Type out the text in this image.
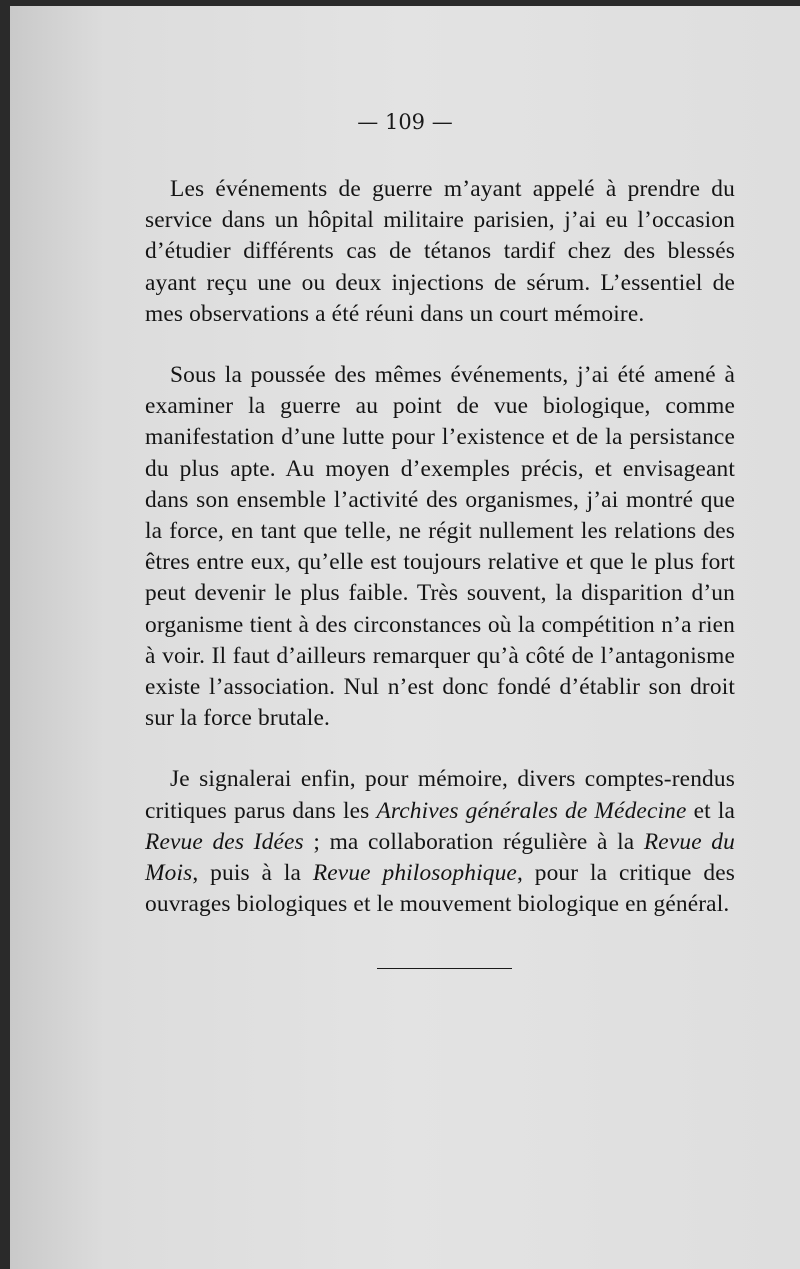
— 109 —

Les événements de guerre m’ayant appelé à prendre du service dans un hôpital militaire parisien, j’ai eu l’occasion d’étudier différents cas de tétanos tardif chez des blessés ayant reçu une ou deux injections de sérum. L’essentiel de mes observations a été réuni dans un court mémoire.

Sous la poussée des mêmes événements, j’ai été amené à examiner la guerre au point de vue biologique, comme manifestation d’une lutte pour l’existence et de la persistance du plus apte. Au moyen d’exemples précis, et envisageant dans son ensemble l’activité des organismes, j’ai montré que la force, en tant que telle, ne régit nullement les relations des êtres entre eux, qu’elle est toujours relative et que le plus fort peut devenir le plus faible. Très souvent, la disparition d’un organisme tient à des circonstances où la compétition n’a rien à voir. Il faut d’ailleurs remarquer qu’à côté de l’antagonisme existe l’association. Nul n’est donc fondé d’établir son droit sur la force brutale.

Je signalerai enfin, pour mémoire, divers comptes-rendus critiques parus dans les Archives générales de Médecine et la Revue des Idées ; ma collaboration régulière à la Revue du Mois, puis à la Revue philosophique, pour la critique des ouvrages biologiques et le mouvement biologique en général.
